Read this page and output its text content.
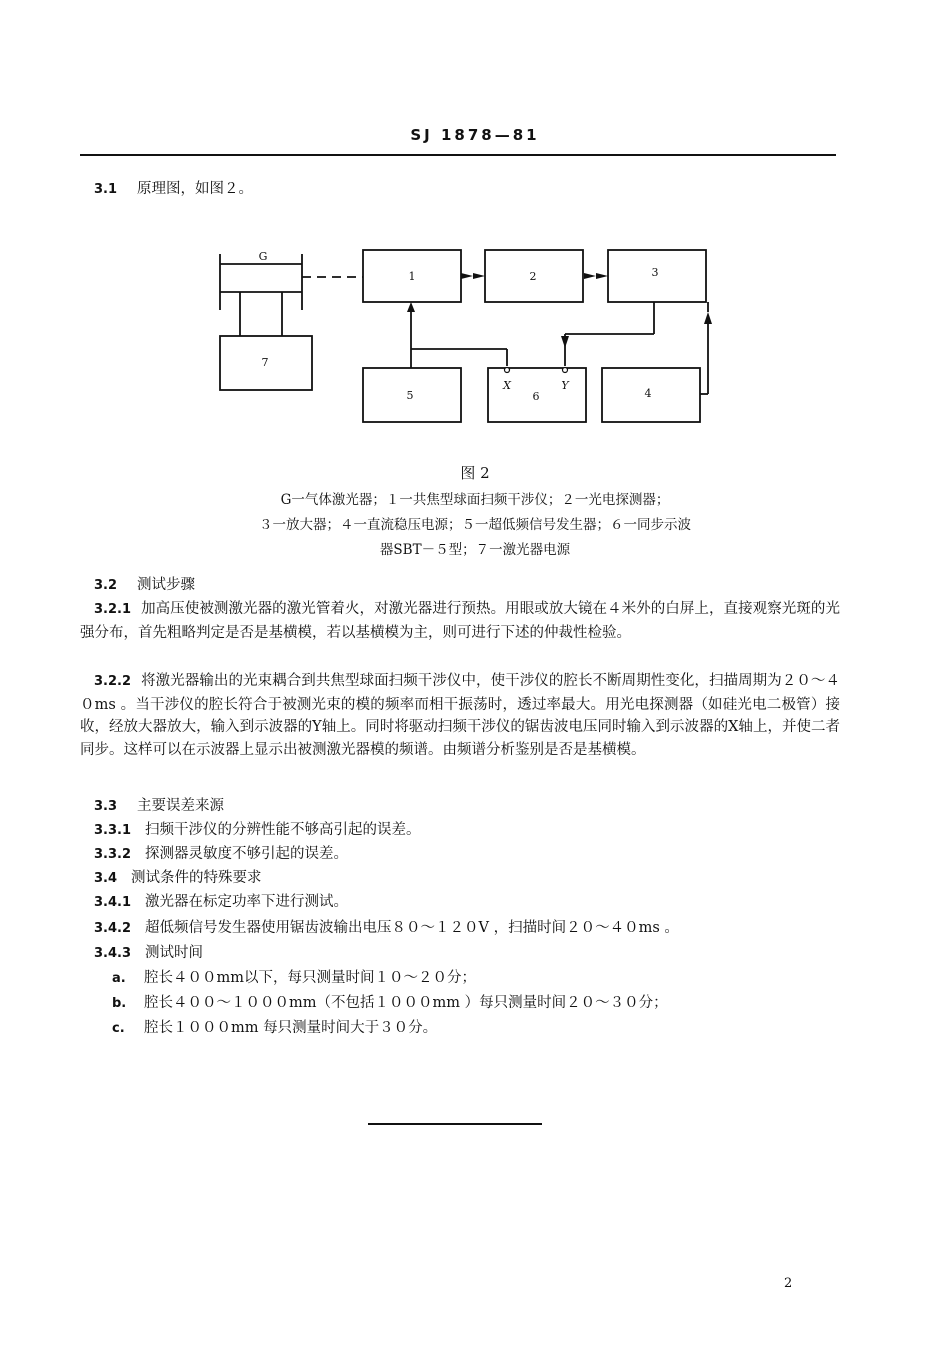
SJ 1878—81
3.1 原理图，如图２。
G
1	2	3
7
5	6	4
X	Y
图 2
G一气体激光器；１一共焦型球面扫频干涉仪；２一光电探测器；
３一放大器；４一直流稳压电源；５一超低频信号发生器；６一同步示波
器SBT－５型；７一激光器电源
3.2 测试步骤
3.2.1 加高压使被测激光器的激光管着火，对激光器进行预热。用眼或放大镜在４米外的白屏上，直接观察光斑的光强分布，首先粗略判定是否是基横模，若以基横模为主，则可进行下述的仲裁性检验。
3.2.2 将激光器输出的光束耦合到共焦型球面扫频干涉仪中，使干涉仪的腔长不断周期性变化，扫描周期为２０～４０ms 。当干涉仪的腔长符合于被测光束的模的频率而相干振荡时，透过率最大。用光电探测器（如硅光电二极管）接收，经放大器放大，输入到示波器的Y轴上。同时将驱动扫频干涉仪的锯齿波电压同时输入到示波器的X轴上，并使二者同步。这样可以在示波器上显示出被测激光器模的频谱。由频谱分析鉴别是否是基横模。
3.3 主要误差来源
3.3.1 扫频干涉仪的分辨性能不够高引起的误差。
3.3.2 探测器灵敏度不够引起的误差。
3.4 测试条件的特殊要求
3.4.1 激光器在标定功率下进行测试。
3.4.2 超低频信号发生器使用锯齿波输出电压８０～１２０V ，扫描时间２０～４０ms 。
3.4.3 测试时间
a. 腔长４００mm以下，每只测量时间１０～２０分；
b. 腔长４００～１０００mm（不包括１０００mm ）每只测量时间２０～３０分；
c. 腔长１０００mm 每只测量时间大于３０分。
2
